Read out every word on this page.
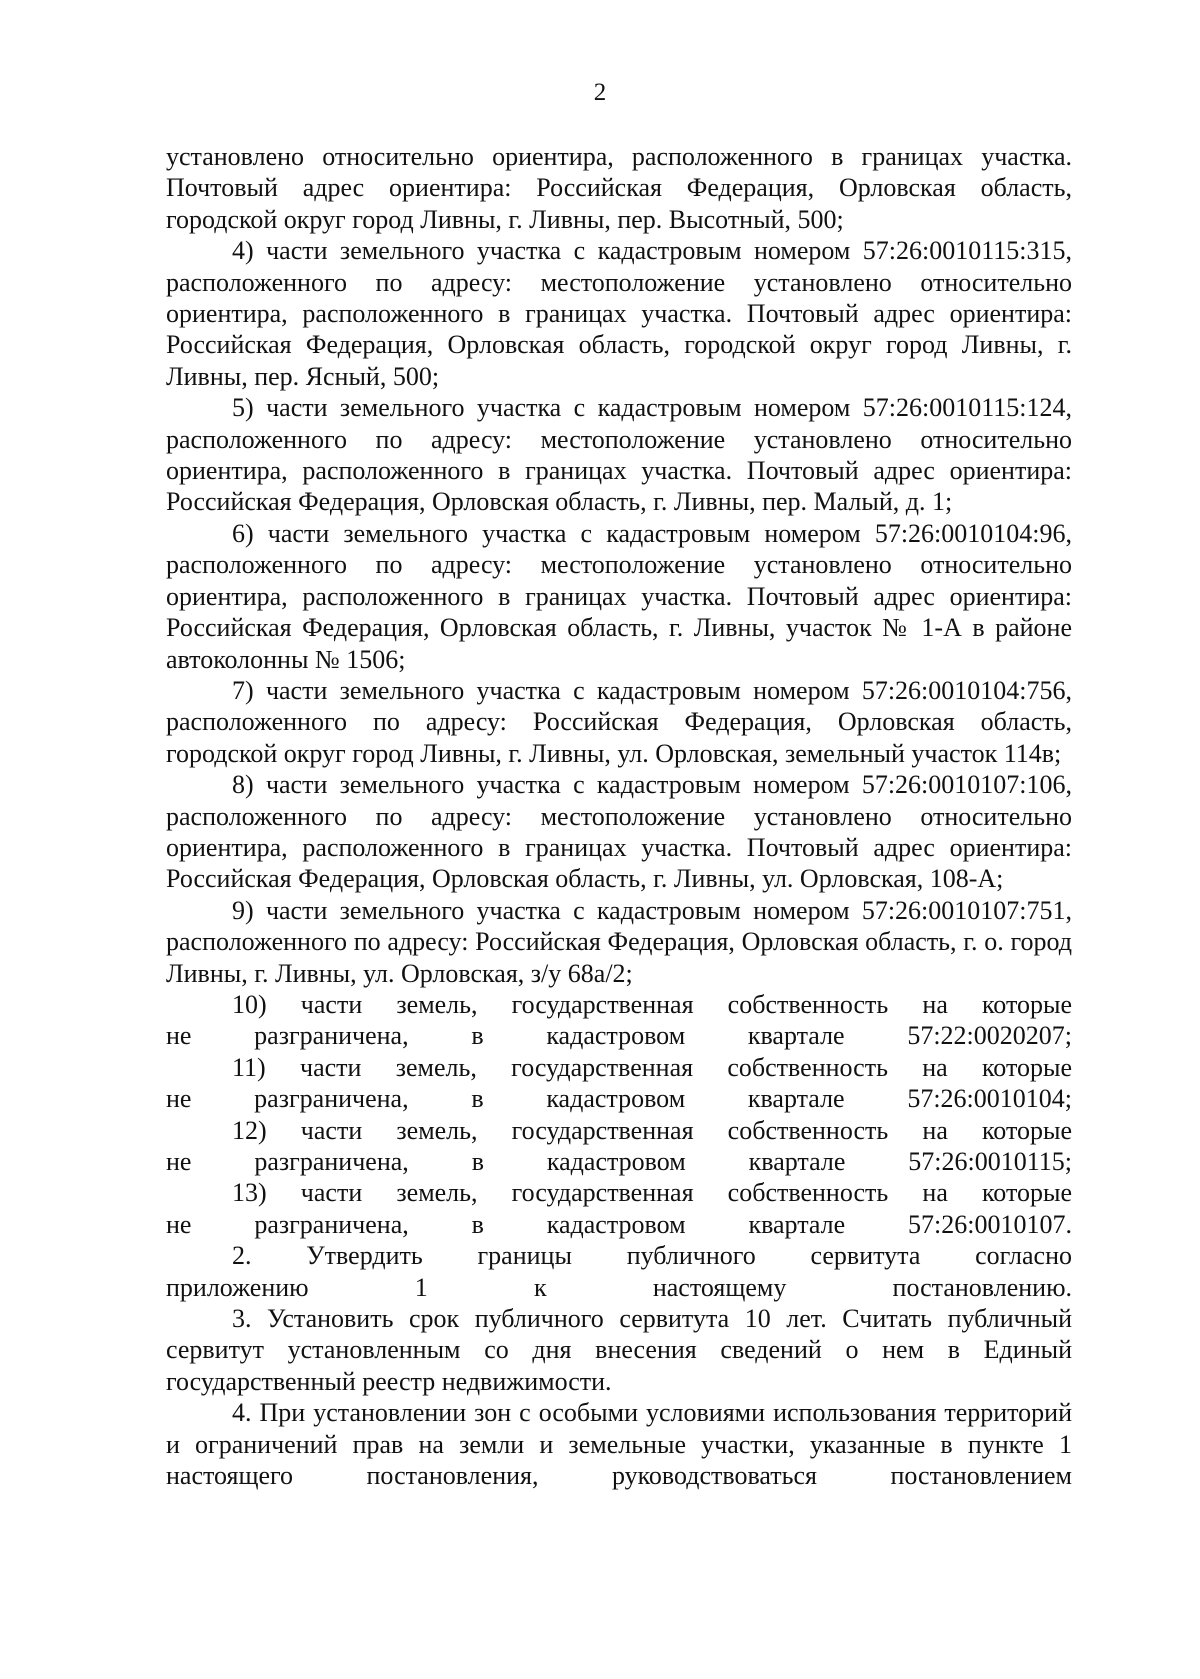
2

установлено относительно ориентира, расположенного в границах участка. Почтовый адрес ориентира: Российская Федерация, Орловская область, городской округ город Ливны, г. Ливны, пер. Высотный, 500;

4) части земельного участка с кадастровым номером 57:26:0010115:315, расположенного по адресу: местоположение установлено относительно ориентира, расположенного в границах участка. Почтовый адрес ориентира: Российская Федерация, Орловская область, городской округ город Ливны, г. Ливны, пер. Ясный, 500;

5) части земельного участка с кадастровым номером 57:26:0010115:124, расположенного по адресу: местоположение установлено относительно ориентира, расположенного в границах участка. Почтовый адрес ориентира: Российская Федерация, Орловская область, г. Ливны, пер. Малый, д. 1;

6) части земельного участка с кадастровым номером 57:26:0010104:96, расположенного по адресу: местоположение установлено относительно ориентира, расположенного в границах участка. Почтовый адрес ориентира: Российская Федерация, Орловская область, г. Ливны, участок № 1-А в районе автоколонны № 1506;

7) части земельного участка с кадастровым номером 57:26:0010104:756, расположенного по адресу: Российская Федерация, Орловская область, городской округ город Ливны, г. Ливны, ул. Орловская, земельный участок 114в;

8) части земельного участка с кадастровым номером 57:26:0010107:106, расположенного по адресу: местоположение установлено относительно ориентира, расположенного в границах участка. Почтовый адрес ориентира: Российская Федерация, Орловская область, г. Ливны, ул. Орловская, 108-А;

9) части земельного участка с кадастровым номером 57:26:0010107:751, расположенного по адресу: Российская Федерация, Орловская область, г. о. город Ливны, г. Ливны, ул. Орловская, з/у 68а/2;

10) части земель, государственная собственность на которые
не разграничена, в кадастровом квартале 57:22:0020207;

11) части земель, государственная собственность на которые
не разграничена, в кадастровом квартале 57:26:0010104;

12) части земель, государственная собственность на которые
не разграничена, в кадастровом квартале 57:26:0010115;

13) части земель, государственная собственность на которые
не разграничена, в кадастровом квартале 57:26:0010107.

2. Утвердить границы публичного сервитута согласно
приложению 1 к настоящему постановлению.

3. Установить срок публичного сервитута 10 лет. Считать публичный сервитут установленным со дня внесения сведений о нем в Единый государственный реестр недвижимости.

4. При установлении зон с особыми условиями использования территорий и ограничений прав на земли и земельные участки, указанные в пункте 1 настоящего постановления, руководствоваться постановлением
